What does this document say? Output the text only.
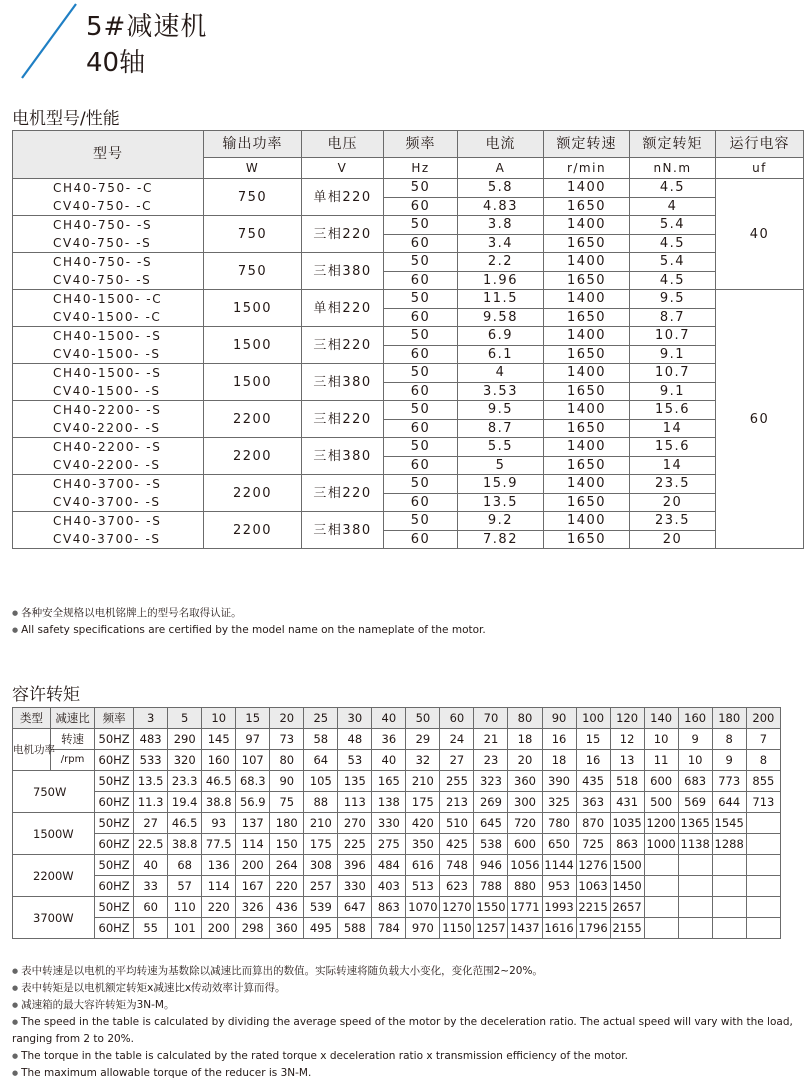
5#减速机
40轴
电机型号/性能
型号	输出功率	电压	频率	电流	额定转速	额定转矩	运行电容	
	W	V	Hz	A	r/min	nN.m	uf	
CH40-750- -C	750	单相220	50	5.8	1400	4.5	40	
CV40-750- -C			60	4.83	1650	4		
CH40-750- -S	750	三相220	50	3.8	1400	5.4		
CV40-750- -S			60	3.4	1650	4.5		
CH40-750- -S	750	三相380	50	2.2	1400	5.4		
CV40-750- -S			60	1.96	1650	4.5		
CH40-1500- -C	1500	单相220	50	11.5	1400	9.5	60	
CV40-1500- -C			60	9.58	1650	8.7		
CH40-1500- -S	1500	三相220	50	6.9	1400	10.7		
CV40-1500- -S			60	6.1	1650	9.1		
CH40-1500- -S	1500	三相380	50	4	1400	10.7		
CV40-1500- -S			60	3.53	1650	9.1		
CH40-2200- -S	2200	三相220	50	9.5	1400	15.6		
CV40-2200- -S			60	8.7	1650	14		
CH40-2200- -S	2200	三相380	50	5.5	1400	15.6		
CV40-2200- -S			60	5	1650	14		
CH40-3700- -S	2200	三相220	50	15.9	1400	23.5		
CV40-3700- -S			60	13.5	1650	20		
CH40-3700- -S	2200	三相380	50	9.2	1400	23.5		
CV40-3700- -S			60	7.82	1650	20		
● 各种安全规格以电机铭牌上的型号名取得认证。
● All safety specifications are certified by the model name on the nameplate of the motor.
容许转矩
类型	减速比	频率	3	5	10	15	20	25	30	40	50	60	70	80	90	100	120	140	160	180	200
电机功率	转速	50HZ	483	290	145	97	73	58	48	36	29	24	21	18	16	15	12	10	9	8	7
	/rpm	60HZ	533	320	160	107	80	64	53	40	32	27	23	20	18	16	13	11	10	9	8
750W		50HZ	13.5	23.3	46.5	68.3	90	105	135	165	210	255	323	360	390	435	518	600	683	773	855
		60HZ	11.3	19.4	38.8	56.9	75	88	113	138	175	213	269	300	325	363	431	500	569	644	713
1500W		50HZ	27	46.5	93	137	180	210	270	330	420	510	645	720	780	870	1035	1200	1365	1545	
		60HZ	22.5	38.8	77.5	114	150	175	225	275	350	425	538	600	650	725	863	1000	1138	1288	
2200W		50HZ	40	68	136	200	264	308	396	484	616	748	946	1056	1144	1276	1500				
		60HZ	33	57	114	167	220	257	330	403	513	623	788	880	953	1063	1450				
3700W		50HZ	60	110	220	326	436	539	647	863	1070	1270	1550	1771	1993	2215	2657				
		60HZ	55	101	200	298	360	495	588	784	970	1150	1257	1437	1616	1796	2155				
● 表中转速是以电机的平均转速为基数除以减速比而算出的数值。实际转速将随负载大小变化，变化范围2~20%。
● 表中转矩是以电机额定转矩x减速比x传动效率计算而得。
● 减速箱的最大容许转矩为3N-M。
● The speed in the table is calculated by dividing the average speed of the motor by the deceleration ratio. The actual speed will vary with the load, ranging from 2 to 20%.
● The torque in the table is calculated by the rated torque x deceleration ratio x transmission efficiency of the motor.
● The maximum allowable torque of the reducer is 3N-M.
